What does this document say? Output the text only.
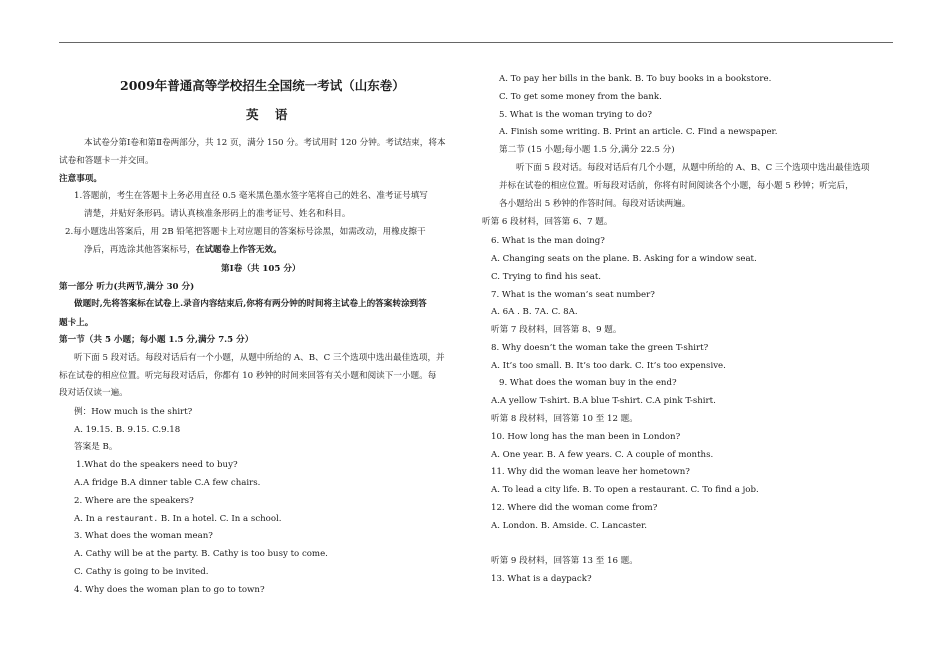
2009年普通高等学校招生全国统一考试（山东卷）
英 语
本试卷分第Ⅰ卷和第Ⅱ卷两部分，共 12 页，满分 150 分。考试用时 120 分钟。考试结束，将本
试卷和答题卡一并交回。
注意事项。
1.答题前，考生在答题卡上务必用直径 0.5 毫米黑色墨水签字笔将自己的姓名、准考证号填写
清楚，并贴好条形码。请认真核准条形码上的准考证号、姓名和科目。
2.每小题选出答案后，用 2B 铅笔把答题卡上对应题目的答案标号涂黑，如需改动，用橡皮擦干
净后，再选涂其他答案标号，在试题卷上作答无效。
第Ⅰ卷（共 105 分）
第一部分 听力(共两节,满分 30 分)
做题时,先将答案标在试卷上.录音内容结束后,你将有两分钟的时间将主试卷上的答案转涂到答
题卡上。
第一节（共 5 小题；每小题 1.5 分,满分 7.5 分）
听下面 5 段对话。每段对话后有一个小题，从题中所给的 A、B、C 三个选项中选出最佳选项，并
标在试卷的相应位置。听完每段对话后，你都有 10 秒钟的时间来回答有关小题和阅读下一小题。每
段对话仅读一遍。
例：How much is the shirt?
A. 19.15. B. 9.15. C.9.18
答案是 B。
1.What do the speakers need to buy?
A.A fridge B.A dinner table C.A few chairs.
2. Where are the speakers?
A. In a restaurant. B. In a hotel. C. In a school.
3. What does the woman mean?
A. Cathy will be at the party. B. Cathy is too busy to come.
C. Cathy is going to be invited.
4. Why does the woman plan to go to town?
A. To pay her bills in the bank. B. To buy books in a bookstore.
C. To get some money from the bank.
5. What is the woman trying to do?
A. Finish some writing. B. Print an article. C. Find a newspaper.
第二节 (15 小题;每小题 1.5 分,满分 22.5 分)
听下面 5 段对话。每段对话后有几个小题，从题中所给的 A、B、C 三个选项中选出最佳选项
并标在试卷的相应位置。听每段对话前，你将有时间阅读各个小题，每小题 5 秒钟；听完后，
各小题给出 5 秒钟的作答时间。每段对话读两遍。
听第 6 段材料，回答第 6、7 题。
6. What is the man doing?
A. Changing seats on the plane. B. Asking for a window seat.
C. Trying to find his seat.
7. What is the woman’s seat number?
A. 6A . B. 7A. C. 8A.
听第 7 段材料，回答第 8、9 题。
8. Why doesn’t the woman take the green T-shirt?
A. It’s too small. B. It’s too dark. C. It’s too expensive.
9. What does the woman buy in the end?
A.A yellow T-shirt. B.A blue T-shirt. C.A pink T-shirt.
听第 8 段材料，回答第 10 至 12 题。
10. How long has the man been in London?
A. One year. B. A few years. C. A couple of months.
11. Why did the woman leave her hometown?
A. To lead a city life. B. To open a restaurant. C. To find a job.
12. Where did the woman come from?
A. London. B. Amside. C. Lancaster.
听第 9 段材料，回答第 13 至 16 题。
13. What is a daypack?
